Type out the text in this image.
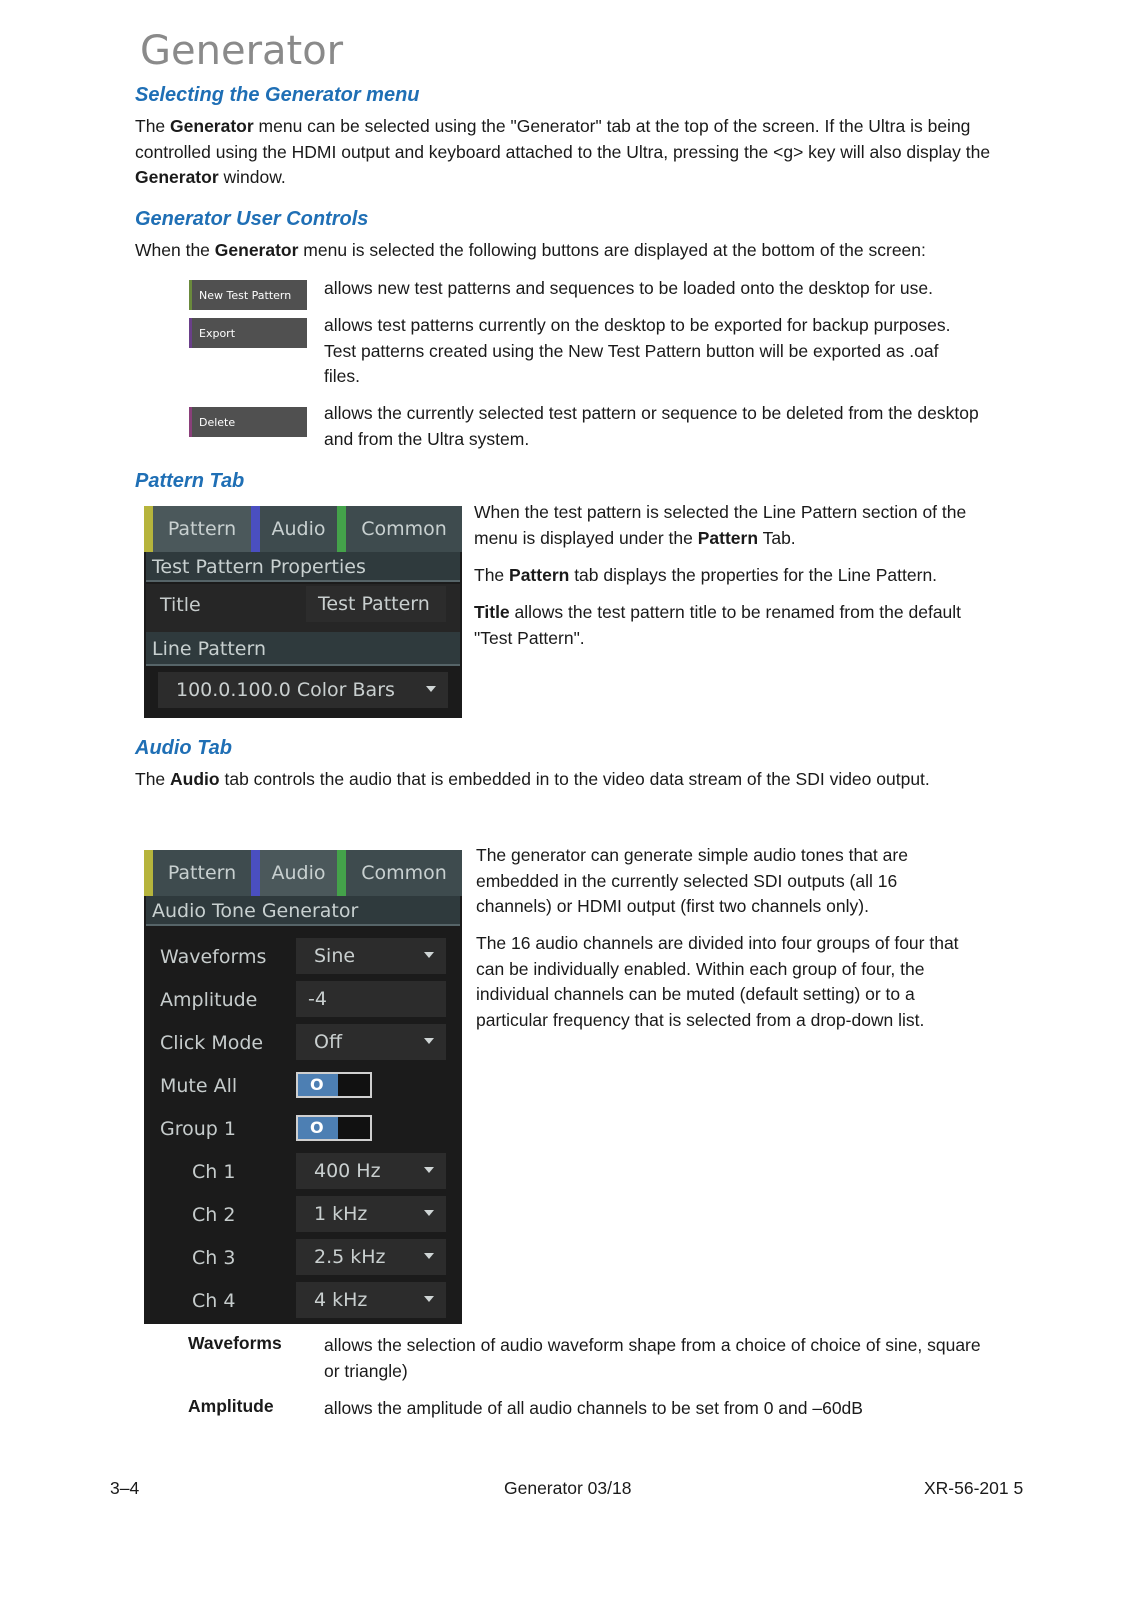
Generator
Selecting the Generator menu

The Generator menu can be selected using the "Generator" tab at the top of the screen. If the Ultra is being controlled using the HDMI output and keyboard attached to the Ultra, pressing the <g> key will also display the Generator window.

Generator User Controls

When the Generator menu is selected the following buttons are displayed at the bottom of the screen:

New Test Pattern allows new test patterns and sequences to be loaded onto the desktop for use.

Export	allows test patterns currently on the desktop to be exported for backup purposes. Test patterns created using the New Test Pattern button will be exported as .oaf files.

Delete	allows the currently selected test pattern or sequence to be deleted from the desktop and from the Ultra system.

Pattern Tab
Pattern	Audio	Common
Test Pattern Properties
Title	Test Pattern
Line Pattern
100.0.100.0 Color Bars

When the test pattern is selected the Line Pattern section of the menu is displayed under the Pattern Tab.

The Pattern tab displays the properties for the Line Pattern.

Title allows the test pattern title to be renamed from the default "Test Pattern".

Audio Tab

The Audio tab controls the audio that is embedded in to the video data stream of the SDI video output.

Pattern	Audio	Common
Audio Tone Generator
Waveforms	Sine
Amplitude	-4
Click Mode	Off
Mute All	O
Group 1	O
Ch 1	400 Hz
Ch 2	1 kHz
Ch 3	2.5 kHz
Ch 4	4 kHz

The generator can generate simple audio tones that are embedded in the currently selected SDI outputs (all 16 channels) or HDMI output (first two channels only).

The 16 audio channels are divided into four groups of four that can be individually enabled. Within each group of four, the individual channels can be muted (default setting) or to a particular frequency that is selected from a drop-down list.

Waveforms allows the selection of audio waveform shape from a choice of choice of sine, square or triangle)

Amplitude	allows the amplitude of all audio channels to be set from 0 and –60dB

3–4	Generator 03/18	XR-56-201 5
